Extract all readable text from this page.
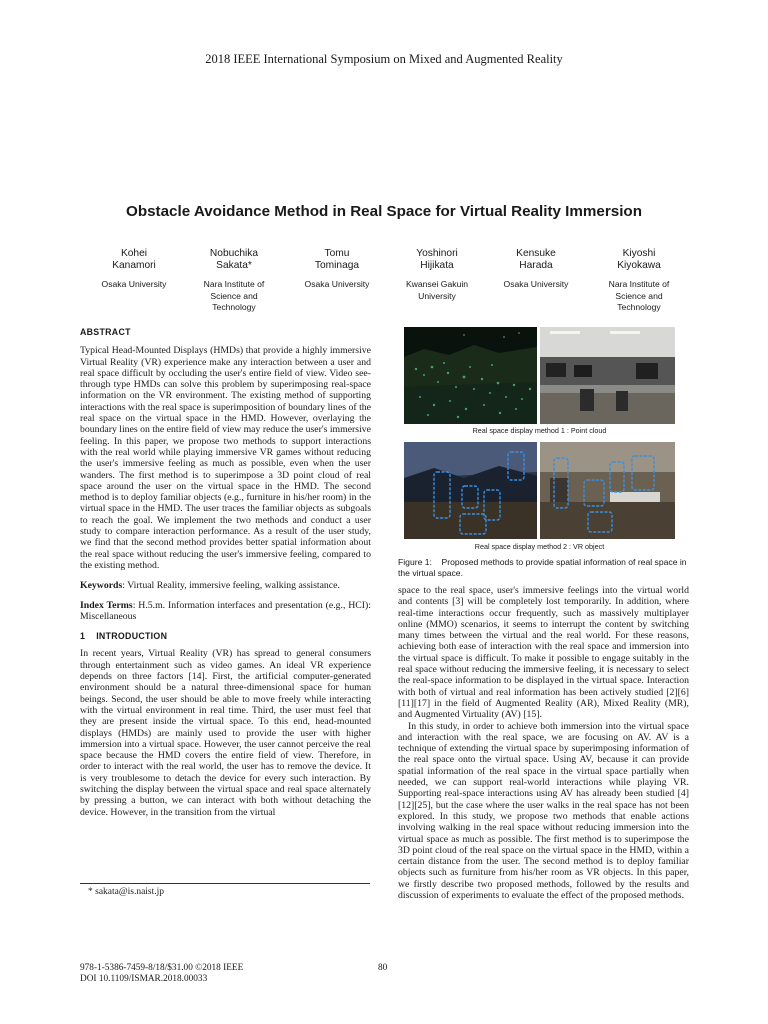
2018 IEEE International Symposium on Mixed and Augmented Reality
Obstacle Avoidance Method in Real Space for Virtual Reality Immersion
Kohei
Kanamori
Osaka University
Nobuchika
Sakata*
Nara Institute of Science and Technology
Tomu
Tominaga
Osaka University
Yoshinori
Hijikata
Kwansei Gakuin University
Kensuke
Harada
Osaka University
Kiyoshi
Kiyokawa
Nara Institute of Science and Technology

ABSTRACT

Typical Head-Mounted Displays (HMDs) that provide a highly immersive Virtual Reality (VR) experience make any interaction between a user and real space difficult by occluding the user's entire field of view. Video see-through type HMDs can solve this problem by superimposing real-space information on the VR environment. The existing method of supporting interactions with the real space is superimposition of boundary lines of the real space on the virtual space in the HMD. However, overlaying the boundary lines on the entire field of view may reduce the user's immersive feeling. In this paper, we propose two methods to support interactions with the real world while playing immersive VR games without reducing the user's immersive feeling as much as possible, even when the user wanders. The first method is to superimpose a 3D point cloud of real space around the user on the virtual space in the HMD. The second method is to deploy familiar objects (e.g., furniture in his/her room) in the virtual space in the HMD. The user traces the familiar objects as subgoals to reach the goal. We implement the two methods and conduct a user study to compare interaction performance. As a result of the user study, we find that the second method provides better spatial information about the real space without reducing the user's immersive feeling, compared to the existing method.

Keywords: Virtual Reality, immersive feeling, walking assistance.

Index Terms: H.5.m. Information interfaces and presentation (e.g., HCI): Miscellaneous

1 INTRODUCTION

In recent years, Virtual Reality (VR) has spread to general consumers through entertainment such as video games. An ideal VR experience depends on three factors [14]. First, the artificial computer-generated environment should be a natural three-dimensional space for human beings. Second, the user should be able to move freely while interacting with the virtual environment in real time. Third, the user must feel that they are present inside the virtual space. To this end, head-mounted displays (HMDs) are mainly used to provide the user with higher immersion into a virtual space. However, the user cannot perceive the real space because the HMD covers the entire field of view. Therefore, in order to interact with the real world, the user has to remove the device. It is very troublesome to detach the device for every such interaction. By switching the display between the virtual space and real space alternately by pressing a button, we can interact with both without detaching the device. However, in the transition from the virtual

Real space display method 1 : Point cloud
Real space display method 2 : VR object
Figure 1: Proposed methods to provide spatial information of real space in the virtual space.

space to the real space, user's immersive feelings into the virtual world and contents [3] will be completely lost temporarily. In addition, where real-time interactions occur frequently, such as massively multiplayer online (MMO) scenarios, it seems to interrupt the content by switching many times between the virtual and the real world. For these reasons, achieving both ease of interaction with the real space and immersion into the virtual space is difficult. To make it possible to engage suitably in the real space without reducing the immersive feeling, it is necessary to select the real-space information to be displayed in the virtual space. Interaction with both of virtual and real information has been actively studied [2][6][11][17] in the field of Augmented Reality (AR), Mixed Reality (MR), and Augmented Virtuality (AV) [15].

In this study, in order to achieve both immersion into the virtual space and interaction with the real space, we are focusing on AV. AV is a technique of extending the virtual space by superimposing information of the real space onto the virtual space. Using AV, because it can provide spatial information of the real space in the virtual space partially when needed, we can support real-world interactions while playing VR. Supporting real-space interactions using AV has already been studied [4][12][25], but the case where the user walks in the real space has not been explored. In this study, we propose two methods that enable actions involving walking in the real space without reducing immersion into the virtual space as much as possible. The first method is to superimpose the 3D point cloud of the real space on the virtual space in the HMD, within a certain distance from the user. The second method is to deploy familiar objects such as furniture from his/her room as VR objects. In this paper, we firstly describe two proposed methods, followed by the results and discussion of experiments to evaluate the effect of the proposed methods.

* sakata@is.naist.jp
978-1-5386-7459-8/18/$31.00 ©2018 IEEE
DOI 10.1109/ISMAR.2018.00033
80
